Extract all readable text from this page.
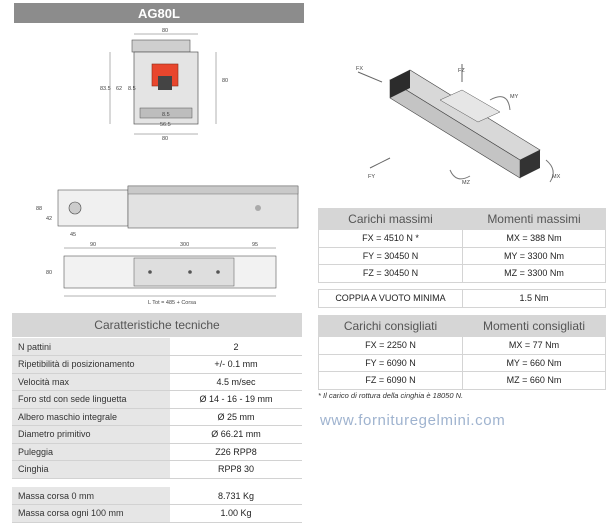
AG80L
80
83.5 62 8.5
80
8.5
56.5
80
88
42
45
90	300	95
80
L Tot = 485 + Corsa
FX	FZ
MY
FY
MZ
MX
Caratteristiche tecniche
N pattini	2
Ripetibilità di posizionamento	+/- 0.1 mm
Velocità max	4.5 m/sec
Foro std con sede linguetta	Ø 14 - 16 - 19 mm
Albero maschio integrale	Ø 25 mm
Diametro primitivo	Ø 66.21 mm
Puleggia	Z26 RPP8
Cinghia	RPP8 30

Massa corsa 0 mm	8.731 Kg
Massa corsa ogni 100 mm	1.00 Kg
Carichi massimi	Momenti massimi
FX = 4510 N *	MX = 388 Nm
FY = 30450 N	MY = 3300 Nm
FZ = 30450 N	MZ = 3300 Nm
COPPIA A VUOTO MINIMA	1.5 Nm
Carichi consigliati	Momenti consigliati
FX = 2250 N	MX = 77 Nm
FY = 6090 N	MY = 660 Nm
FZ = 6090 N	MZ = 660 Nm
* Il carico di rottura della cinghia è 18050 N.
www.fornituregelmini.com
